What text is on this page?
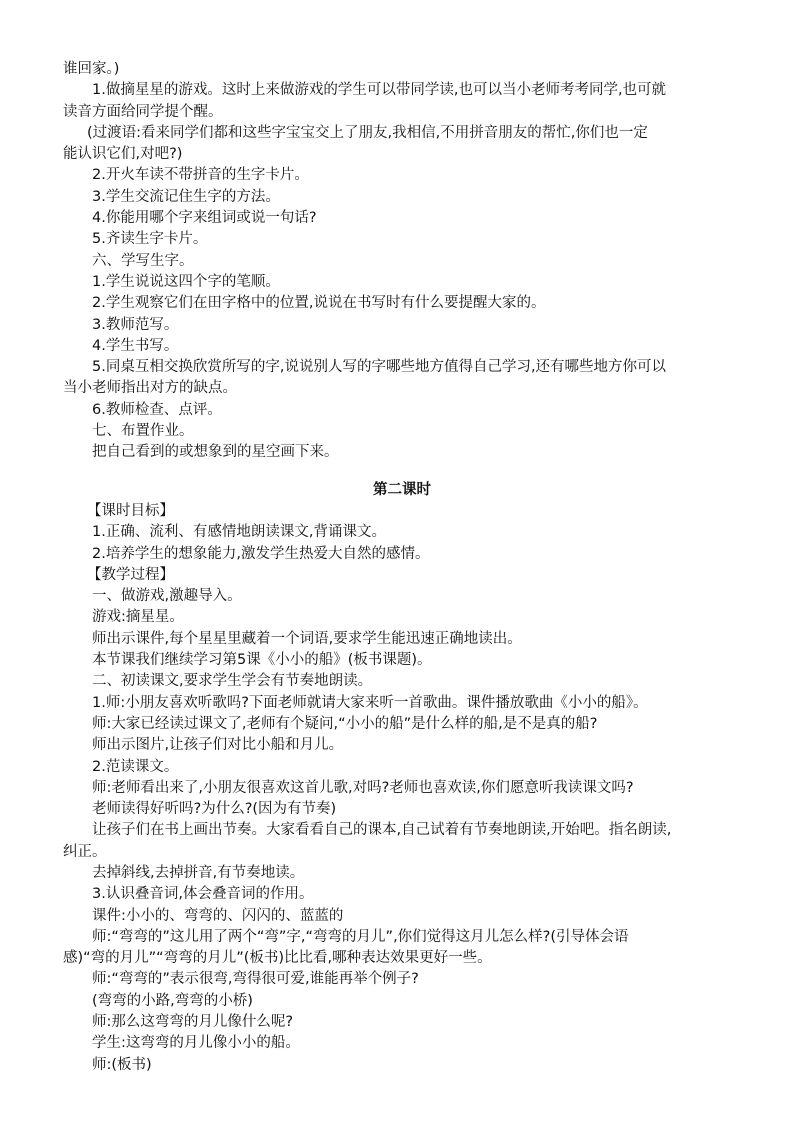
谁回家。)
1.做摘星星的游戏。这时上来做游戏的学生可以带同学读,也可以当小老师考考同学,也可就
读音方面给同学提个醒。
(过渡语:看来同学们都和这些字宝宝交上了朋友,我相信,不用拼音朋友的帮忙,你们也一定
能认识它们,对吧?)
2.开火车读不带拼音的生字卡片。
3.学生交流记住生字的方法。
4.你能用哪个字来组词或说一句话?
5.齐读生字卡片。
六、学写生字。
1.学生说说这四个字的笔顺。
2.学生观察它们在田字格中的位置,说说在书写时有什么要提醒大家的。
3.教师范写。
4.学生书写。
5.同桌互相交换欣赏所写的字,说说别人写的字哪些地方值得自己学习,还有哪些地方你可以
当小老师指出对方的缺点。
6.教师检查、点评。
七、布置作业。
把自己看到的或想象到的星空画下来。
第二课时
【课时目标】
1.正确、流利、有感情地朗读课文,背诵课文。
2.培养学生的想象能力,激发学生热爱大自然的感情。
【教学过程】
一、做游戏,激趣导入。
游戏:摘星星。
师出示课件,每个星星里藏着一个词语,要求学生能迅速正确地读出。
本节课我们继续学习第5课《小小的船》(板书课题)。
二、初读课文,要求学生学会有节奏地朗读。
1.师:小朋友喜欢听歌吗?下面老师就请大家来听一首歌曲。课件播放歌曲《小小的船》。
师:大家已经读过课文了,老师有个疑问,“小小的船”是什么样的船,是不是真的船?
师出示图片,让孩子们对比小船和月儿。
2.范读课文。
师:老师看出来了,小朋友很喜欢这首儿歌,对吗?老师也喜欢读,你们愿意听我读课文吗?
老师读得好听吗?为什么?(因为有节奏)
让孩子们在书上画出节奏。大家看看自己的课本,自己试着有节奏地朗读,开始吧。指名朗读,
纠正。
去掉斜线,去掉拼音,有节奏地读。
3.认识叠音词,体会叠音词的作用。
课件:小小的、弯弯的、闪闪的、蓝蓝的
师:“弯弯的”这儿用了两个“弯”字,“弯弯的月儿”,你们觉得这月儿怎么样?(引导体会语
感)“弯的月儿”“弯弯的月儿”(板书)比比看,哪种表达效果更好一些。
师:“弯弯的”表示很弯,弯得很可爱,谁能再举个例子?
(弯弯的小路,弯弯的小桥)
师:那么这弯弯的月儿像什么呢?
学生:这弯弯的月儿像小小的船。
师:(板书)
